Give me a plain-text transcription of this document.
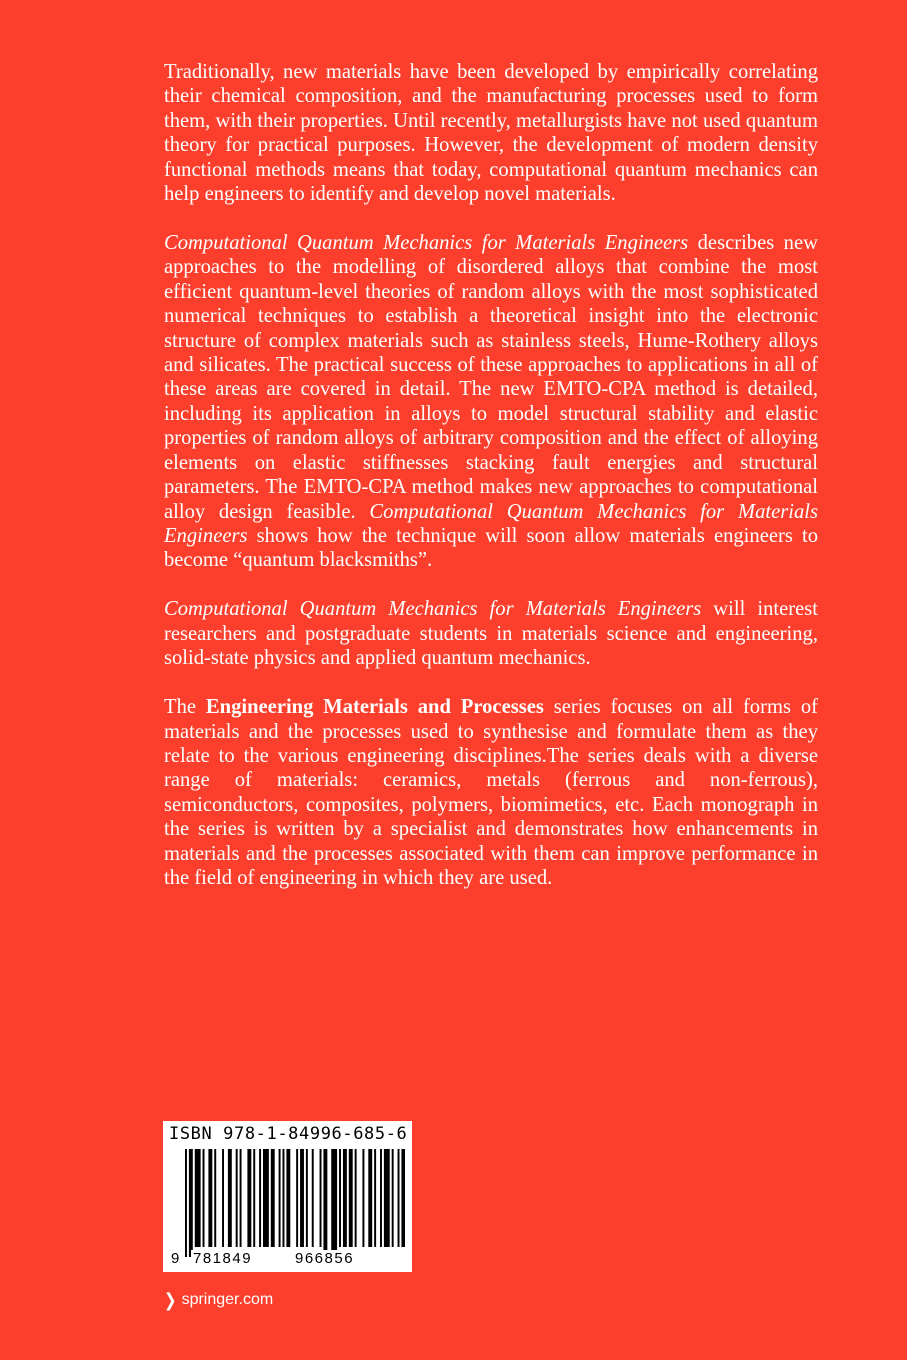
Traditionally, new materials have been developed by empirically correlating their chemical composition, and the manufacturing processes used to form them, with their properties. Until recently, metallurgists have not used quantum theory for practical purposes. However, the development of modern density functional methods means that today, computational quantum mechanics can help engineers to identify and develop novel materials.

Computational Quantum Mechanics for Materials Engineers describes new approaches to the modelling of disordered alloys that combine the most efficient quantum-level theories of random alloys with the most sophisticated numerical techniques to establish a theoretical insight into the electronic structure of complex materials such as stainless steels, Hume-Rothery alloys and silicates. The practical success of these approaches to applications in all of these areas are covered in detail. The new EMTO-CPA method is detailed, including its application in alloys to model structural stability and elastic properties of random alloys of arbitrary composition and the effect of alloying elements on elastic stiffnesses stacking fault energies and structural parameters. The EMTO-CPA method makes new approaches to computational alloy design feasible. Computational Quantum Mechanics for Materials Engineers shows how the technique will soon allow materials engineers to become “quantum blacksmiths”.

Computational Quantum Mechanics for Materials Engineers will interest researchers and postgraduate students in materials science and engineering, solid-state physics and applied quantum mechanics.

The Engineering Materials and Processes series focuses on all forms of materials and the processes used to synthesise and formulate them as they relate to the various engineering disciplines.The series deals with a diverse range of materials: ceramics, metals (ferrous and non-ferrous), semiconductors, composites, polymers, biomimetics, etc. Each monograph in the series is written by a specialist and demonstrates how enhancements in materials and the processes associated with them can improve performance in the field of engineering in which they are used.

ISBN 978-1-84996-685-6
9 781849	966856
❯ springer.com
